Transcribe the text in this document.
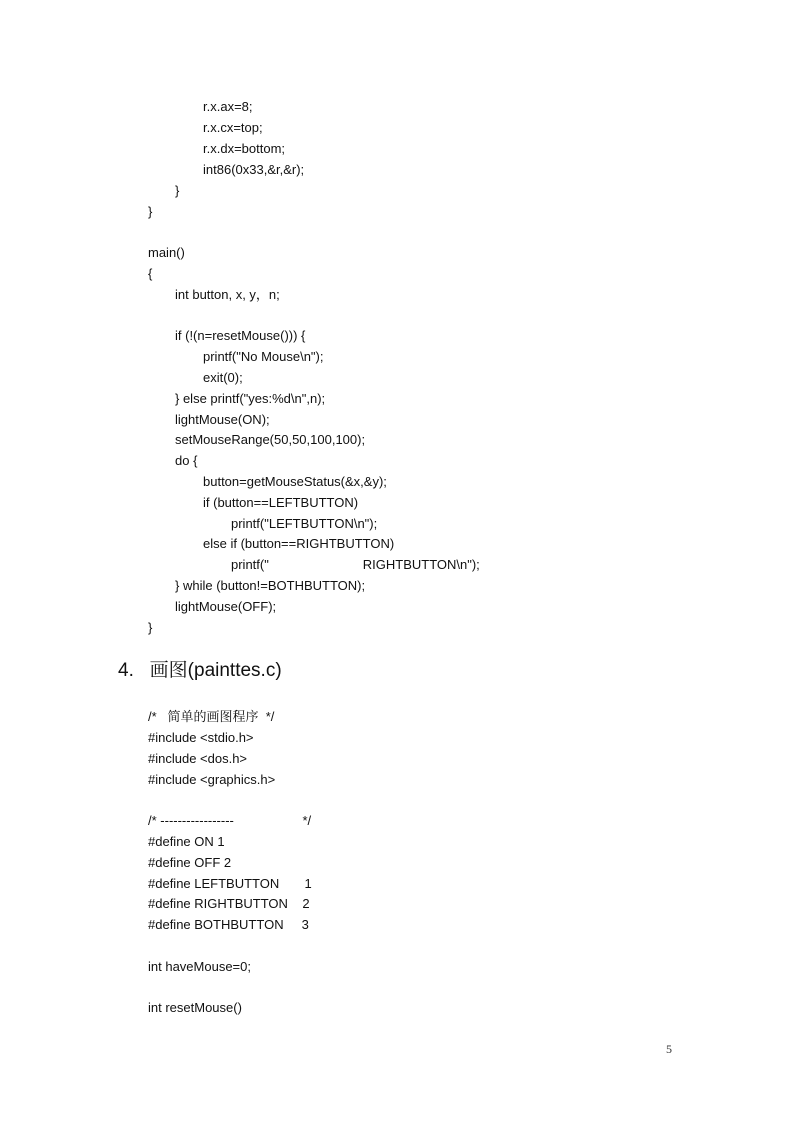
r.x.ax=8;
r.x.cx=top;
r.x.dx=bottom;
int86(0x33,&r,&r);
}
}
main()
{
int button, x, y，n;
if (!(n=resetMouse())) {
printf("No Mouse\n");
exit(0);
} else printf("yes:%d\n",n);
lightMouse(ON);
setMouseRange(50,50,100,100);
do {
button=getMouseStatus(&x,&y);
if (button==LEFTBUTTON)
printf("LEFTBUTTON\n");
else if (button==RIGHTBUTTON)
printf("                          RIGHTBUTTON\n");
} while (button!=BOTHBUTTON);
lightMouse(OFF);
}
4.   画图(painttes.c)
/*   简单的画图程序  */
#include <stdio.h>
#include <dos.h>
#include <graphics.h>
/* -----------------                   */
#define ON 1
#define OFF 2
#define LEFTBUTTON       1
#define RIGHTBUTTON    2
#define BOTHBUTTON     3
int haveMouse=0;
int resetMouse()
5
